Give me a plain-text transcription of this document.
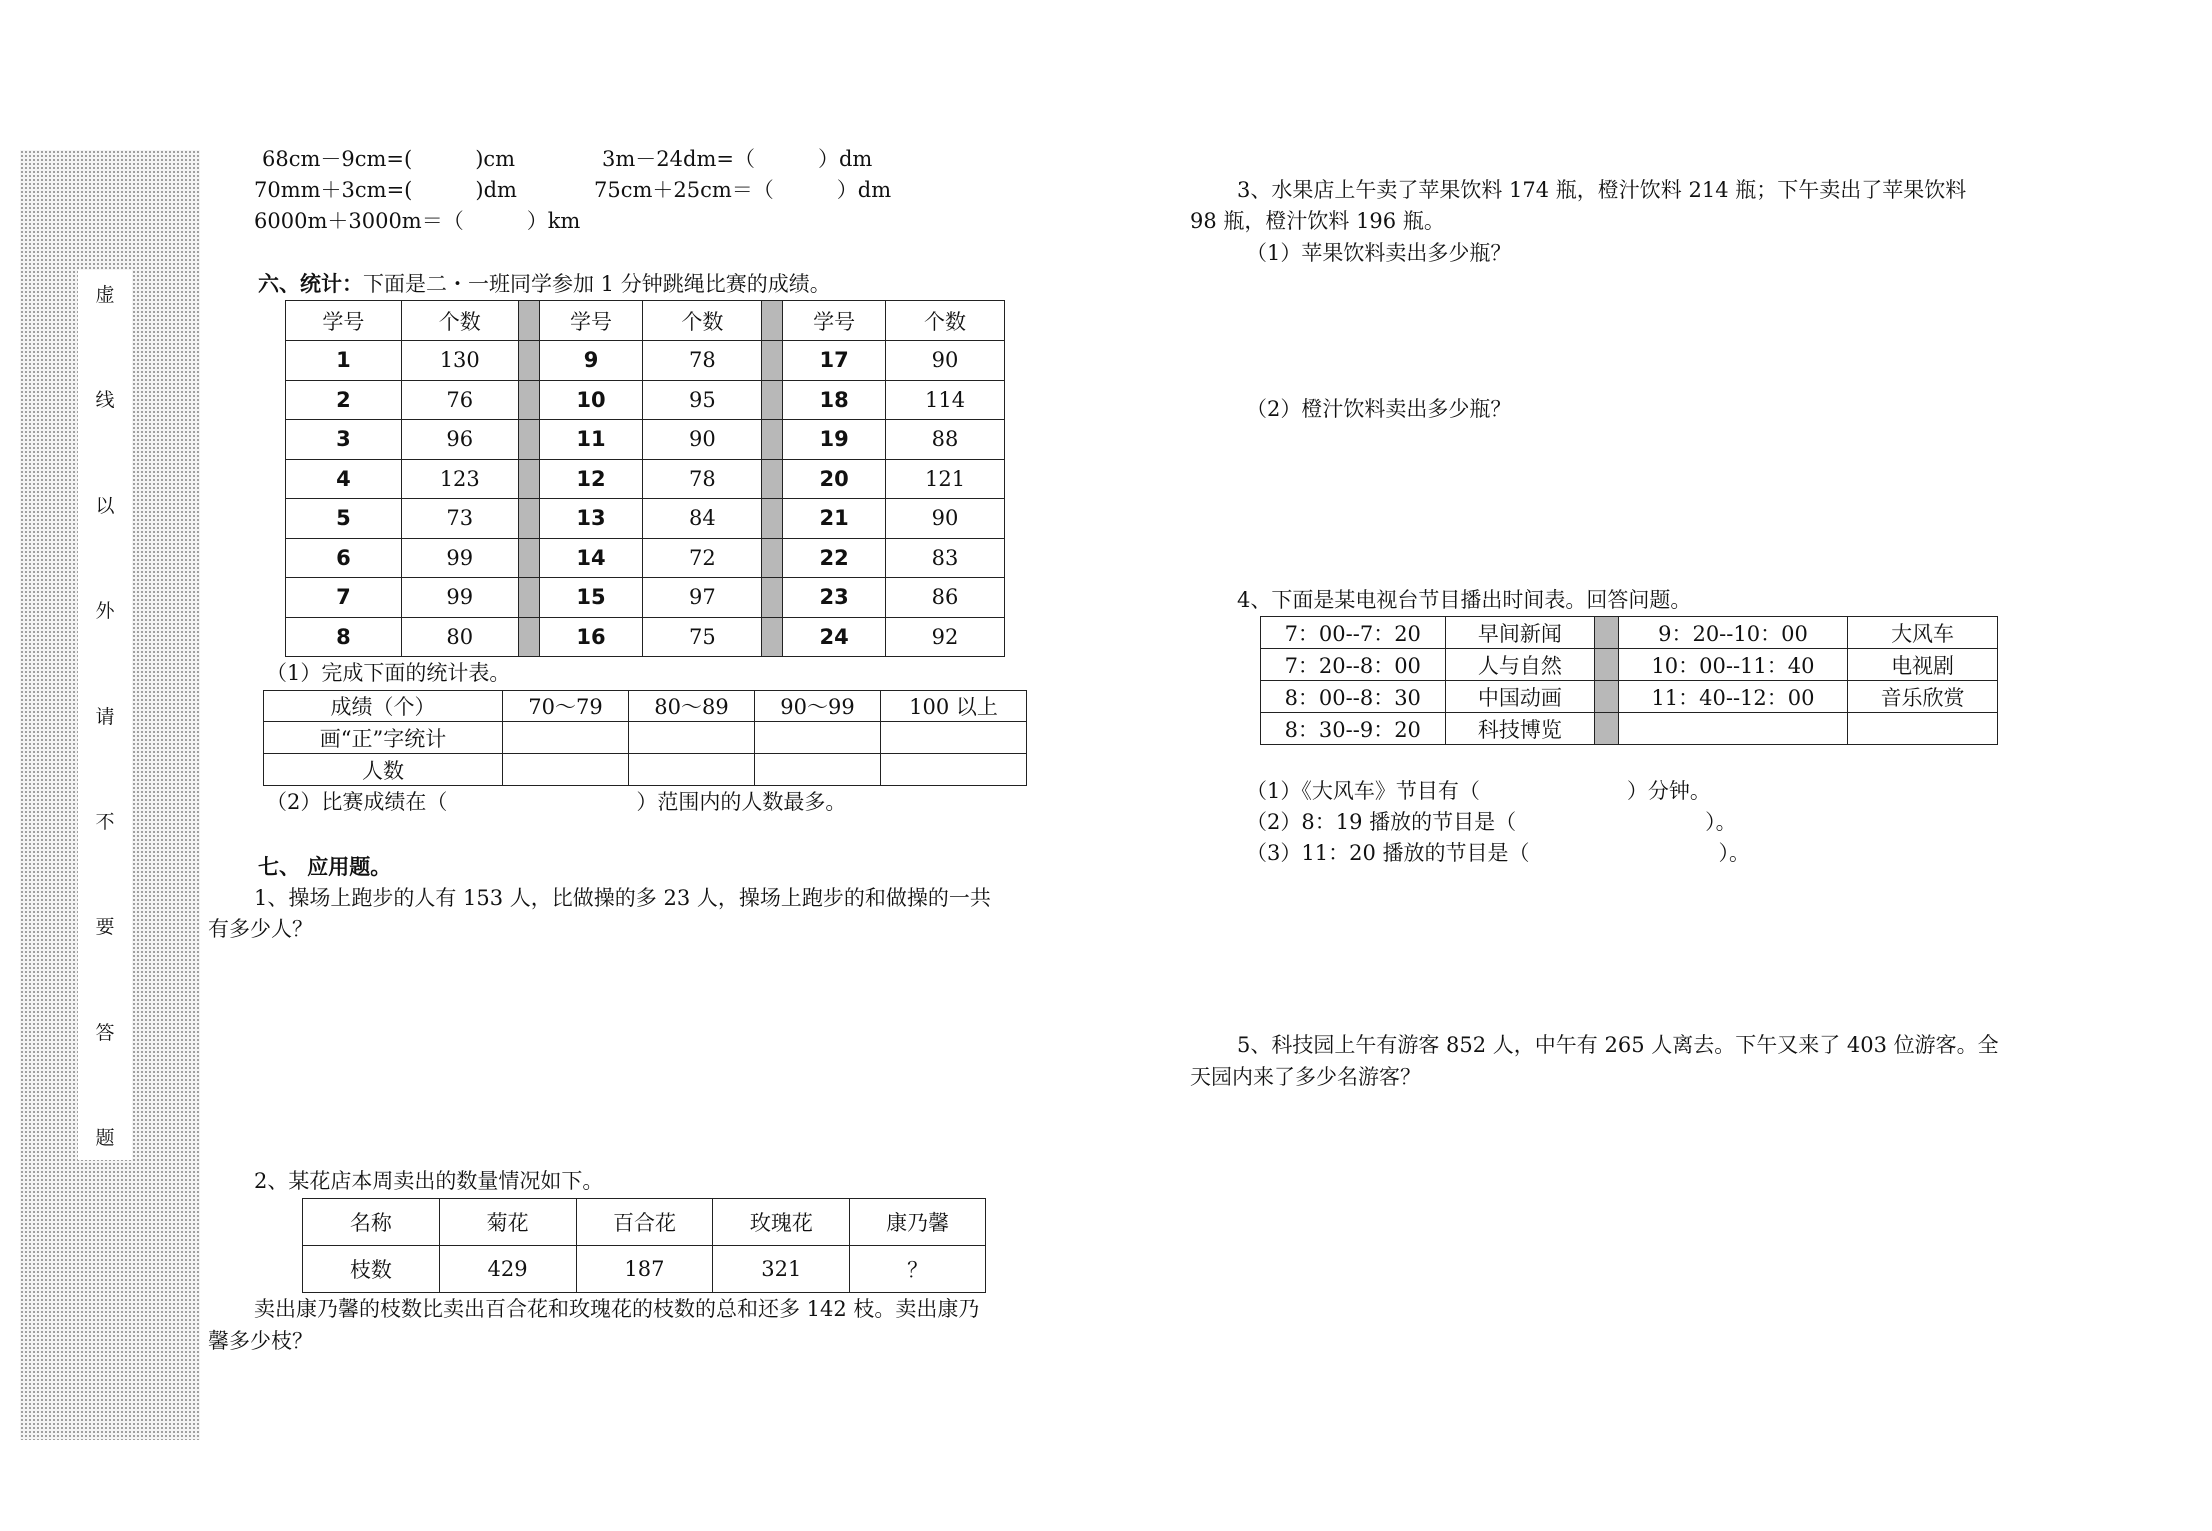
虚
线
以
外
请
不
要
答
题
68cm－9cm=(　　　)cm	3m－24dm=（　　　）dm
70mm＋3cm=(　　　)dm	75cm＋25cm＝（　　　）dm
6000m＋3000m＝（　　　）km
六、统计：下面是二・一班同学参加 1 分钟跳绳比赛的成绩。
学号	个数		学号	个数		学号	个数
1	130		9	78		17	90
2	76		10	95		18	114
3	96		11	90		19	88
4	123		12	78		20	121
5	73		13	84		21	90
6	99		14	72		22	83
7	99		15	97		23	86
8	80		16	75		24	92
（1）完成下面的统计表。
成绩（个）	70～79	80～89	90～99	100 以上
画“正”字统计				
人数				
（2）比赛成绩在（　　　　　　　　　）范围内的人数最多。
七、 应用题。
1、操场上跑步的人有 153 人，比做操的多 23 人，操场上跑步的和做操的一共
有多少人？
2、某花店本周卖出的数量情况如下。
名称	菊花	百合花	玫瑰花	康乃馨
枝数	429	187	321	？
卖出康乃馨的枝数比卖出百合花和玫瑰花的枝数的总和还多 142 枝。卖出康乃
馨多少枝？
3、水果店上午卖了苹果饮料 174 瓶，橙汁饮料 214 瓶；下午卖出了苹果饮料
98 瓶，橙汁饮料 196 瓶。
（1）苹果饮料卖出多少瓶？
（2）橙汁饮料卖出多少瓶？
4、下面是某电视台节目播出时间表。回答问题。
7：00--7：20	早间新闻		9：20--10：00	大风车
7：20--8：00	人与自然		10：00--11：40	电视剧
8：00--8：30	中国动画		11：40--12：00	音乐欣赏
8：30--9：20	科技博览			
（1）《大风车》节目有（　　　　　　　）分钟。
（2）8：19 播放的节目是（　　　　　　　　　）。
（3）11：20 播放的节目是（　　　　　　　　　）。
5、科技园上午有游客 852 人，中午有 265 人离去。下午又来了 403 位游客。全
天园内来了多少名游客？
